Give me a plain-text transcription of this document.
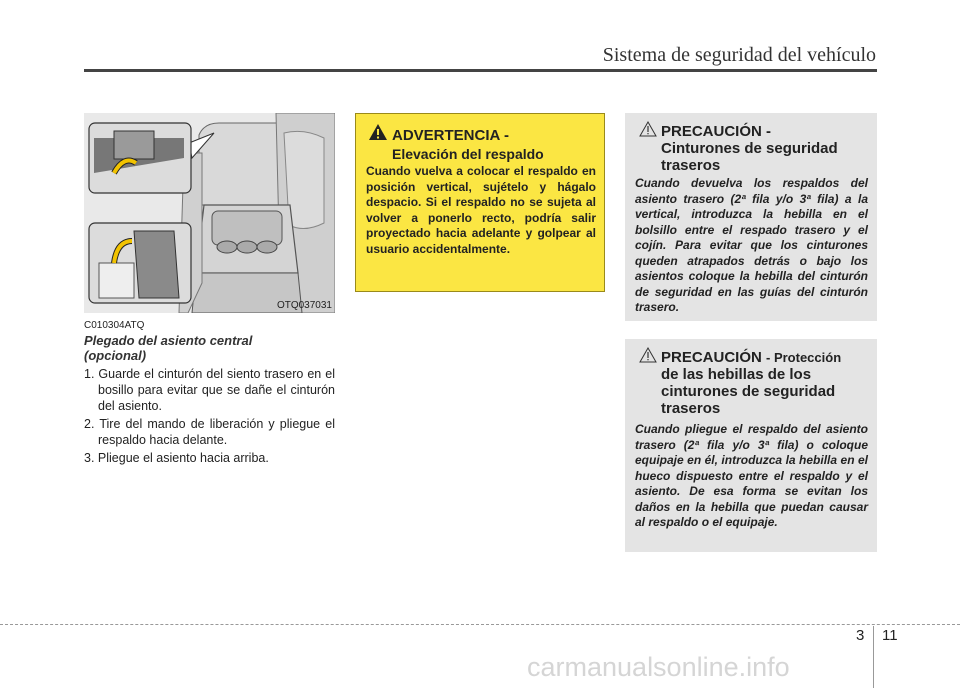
Sistema de seguridad del vehículo
OTQ037031
C010304ATQ
Plegado del asiento central
(opcional)
1. Guarde el cinturón del siento trasero en el bosillo para evitar que se dañe el cinturón del asiento.
2. Tire del mando de liberación y pliegue el respaldo hacia delante.
3. Pliegue el asiento hacia arriba.
ADVERTENCIA -
Elevación del respaldo
Cuando vuelva a colocar el respaldo en posición vertical, sujételo y hágalo despacio. Si el respaldo no se sujeta al volver a ponerlo recto, podría salir proyectado hacia adelante y golpear al usuario accidentalmente.
PRECAUCIÓN -
Cinturones de seguridad
traseros
Cuando devuelva los respaldos del asiento trasero (2ª fila y/o 3ª fila) a la vertical, introduzca la hebilla en el bolsillo entre el respado trasero y el cojín. Para evitar que los cinturones queden atrapados detrás o bajo los asientos coloque la hebilla del cinturón de seguridad en las guías del cinturón trasero.
PRECAUCIÓN - Protección
de las hebillas de los
cinturones de seguridad
traseros
Cuando pliegue el respaldo del asiento trasero (2ª fila y/o 3ª fila) o coloque equipaje en él, introduzca la hebilla en el hueco dispuesto entre el respaldo y el asiento. De esa forma se evitan los daños en la hebilla que puedan causar al respaldo o el equipaje.
3 11
carmanualsonline.info
